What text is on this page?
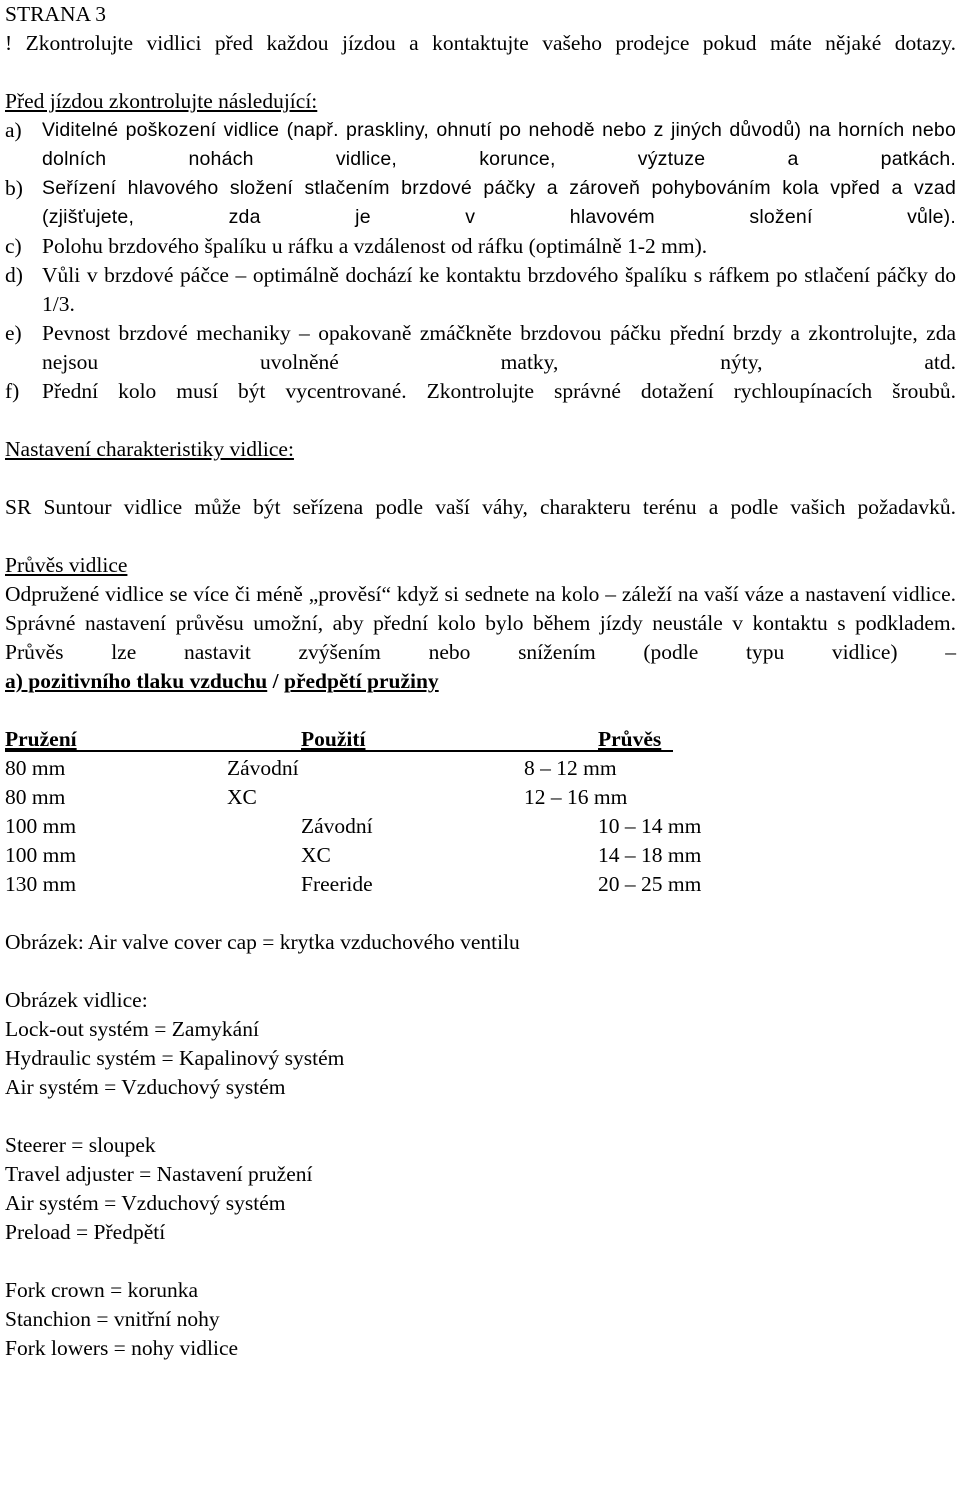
STRANA 3
! Zkontrolujte vidlici před každou jízdou a kontaktujte vašeho prodejce pokud máte nějaké dotazy.
Před jízdou zkontrolujte následující:
a)	Viditelné poškození vidlice (např. praskliny, ohnutí po nehodě nebo z jiných důvodů) na horních nebo dolních nohách vidlice, korunce, výztuze a patkách.
b) Seřízení hlavového složení stlačením brzdové páčky a zároveň pohybováním kola vpřed a vzad (zjišťujete, zda je v hlavovém složení vůle).
c) Polohu brzdového špalíku u ráfku a vzdálenost od ráfku (optimálně 1-2 mm).
d) Vůli v brzdové páčce – optimálně dochází ke kontaktu brzdového špalíku s ráfkem po stlačení páčky do 1/3.
e) Pevnost brzdové mechaniky – opakovaně zmáčkněte brzdovou páčku přední brzdy a zkontrolujte, zda nejsou uvolněné matky, nýty, atd.
f)	Přední kolo musí být vycentrované. Zkontrolujte správné dotažení rychloupínacích šroubů.
Nastavení charakteristiky vidlice:
SR Suntour vidlice může být seřízena podle vaší váhy, charakteru terénu a podle vašich požadavků.
Průvěs vidlice
Odpružené vidlice se více či méně „prověsí“ když si sednete na kolo – záleží na vaší váze a nastavení vidlice.
Správné nastavení průvěsu umožní, aby přední kolo bylo během jízdy neustále v kontaktu s podkladem. Průvěs lze nastavit zvýšením nebo snížením (podle typu vidlice) –
a) pozitivního tlaku vzduchu / předpětí pružiny
Pružení	Použití	Průvěs
80 mm	Závodní	8 – 12 mm
80 mm	XC	12 – 16 mm
100 mm	Závodní	10 – 14 mm
100 mm	XC	14 – 18 mm
130 mm	Freeride	20 – 25 mm
Obrázek: Air valve cover cap = krytka vzduchového ventilu
Obrázek vidlice:
Lock-out systém = Zamykání
Hydraulic systém = Kapalinový systém
Air systém = Vzduchový systém
Steerer = sloupek
Travel adjuster = Nastavení pružení
Air systém = Vzduchový systém
Preload = Předpětí
Fork crown = korunka
Stanchion = vnitřní nohy
Fork lowers = nohy vidlice
